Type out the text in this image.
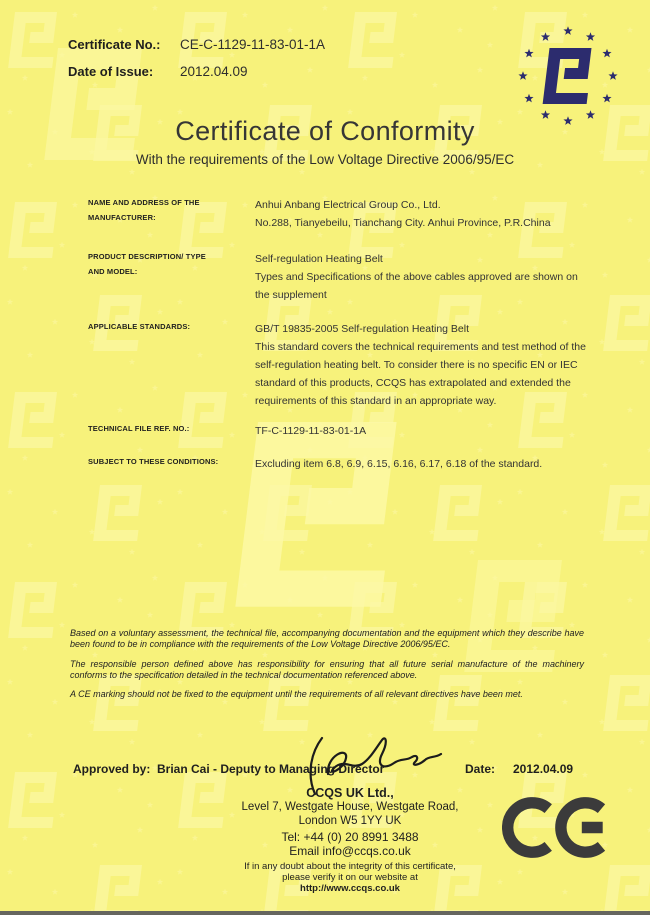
Certificate No.: CE-C-1129-11-83-01-1A
Date of Issue: 2012.04.09
Certificate of Conformity
With the requirements of the Low Voltage Directive 2006/95/EC
NAME AND ADDRESS OF THE
MANUFACTURER:
Anhui Anbang Electrical Group Co., Ltd.
No.288, Tianyebeilu, Tianchang City. Anhui Province, P.R.China
PRODUCT DESCRIPTION/ TYPE
AND MODEL:
Self-regulation Heating Belt
Types and Specifications of the above cables approved are shown on
the supplement
APPLICABLE STANDARDS:	GB/T 19835-2005 Self-regulation Heating Belt
This standard covers the technical requirements and test method of the
self-regulation heating belt. To consider there is no specific EN or IEC
standard of this products, CCQS has extrapolated and extended the
requirements of this standard in an appropriate way.
TECHNICAL FILE REF. NO.:	TF-C-1129-11-83-01-1A
SUBJECT TO THESE CONDITIONS:	Excluding item 6.8, 6.9, 6.15, 6.16, 6.17, 6.18 of the standard.
Based on a voluntary assessment, the technical file, accompanying documentation and the equipment which they describe have been found to be in compliance with the requirements of the Low Voltage Directive 2006/95/EC.
The responsible person defined above has responsibility for ensuring that all future serial manufacture of the machinery conforms to the specification detailed in the technical documentation referenced above.
A CE marking should not be fixed to the equipment until the requirements of all relevant directives have been met.
Approved by: Brian Cai - Deputy to Managing Director	Date: 2012.04.09
CCQS UK Ltd.,
Level 7, Westgate House, Westgate Road,
London W5 1YY UK
Tel: +44 (0) 20 8991 3488
Email info@ccqs.co.uk
If in any doubt about the integrity of this certificate,
please verify it on our website at
http://www.ccqs.co.uk
